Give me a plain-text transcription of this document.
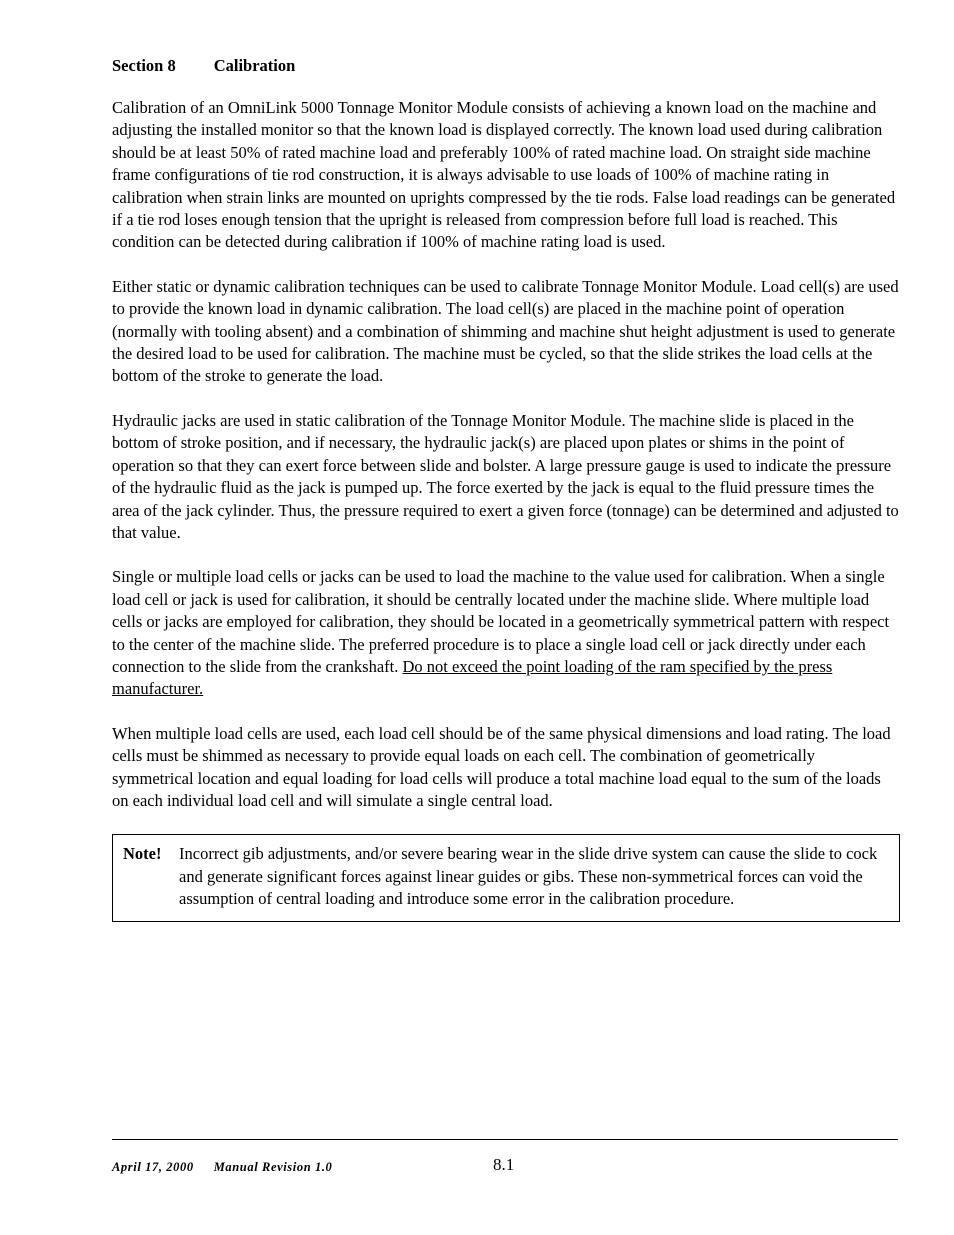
Section 8 Calibration

Calibration of an OmniLink 5000 Tonnage Monitor Module consists of achieving a known load on the machine and adjusting the installed monitor so that the known load is displayed correctly. The known load used during calibration should be at least 50% of rated machine load and preferably 100% of rated machine load. On straight side machine frame configurations of tie rod construction, it is always advisable to use loads of 100% of machine rating in calibration when strain links are mounted on uprights compressed by the tie rods. False load readings can be generated if a tie rod loses enough tension that the upright is released from compression before full load is reached. This condition can be detected during calibration if 100% of machine rating load is used.

Either static or dynamic calibration techniques can be used to calibrate Tonnage Monitor Module. Load cell(s) are used to provide the known load in dynamic calibration. The load cell(s) are placed in the machine point of operation (normally with tooling absent) and a combination of shimming and machine shut height adjustment is used to generate the desired load to be used for calibration. The machine must be cycled, so that the slide strikes the load cells at the bottom of the stroke to generate the load.

Hydraulic jacks are used in static calibration of the Tonnage Monitor Module. The machine slide is placed in the bottom of stroke position, and if necessary, the hydraulic jack(s) are placed upon plates or shims in the point of operation so that they can exert force between slide and bolster. A large pressure gauge is used to indicate the pressure of the hydraulic fluid as the jack is pumped up. The force exerted by the jack is equal to the fluid pressure times the area of the jack cylinder. Thus, the pressure required to exert a given force (tonnage) can be determined and adjusted to that value.

Single or multiple load cells or jacks can be used to load the machine to the value used for calibration. When a single load cell or jack is used for calibration, it should be centrally located under the machine slide. Where multiple load cells or jacks are employed for calibration, they should be located in a geometrically symmetrical pattern with respect to the center of the machine slide. The preferred procedure is to place a single load cell or jack directly under each connection to the slide from the crankshaft. Do not exceed the point loading of the ram specified by the press manufacturer.

When multiple load cells are used, each load cell should be of the same physical dimensions and load rating. The load cells must be shimmed as necessary to provide equal loads on each cell. The combination of geometrically symmetrical location and equal loading for load cells will produce a total machine load equal to the sum of the loads on each individual load cell and will simulate a single central load.

Note!	Incorrect gib adjustments, and/or severe bearing wear in the slide drive system can cause the slide to cock and generate significant forces against linear guides or gibs. These non-symmetrical forces can void the assumption of central loading and introduce some error in the calibration procedure.
April 17, 2000 Manual Revision 1.0	8.1
